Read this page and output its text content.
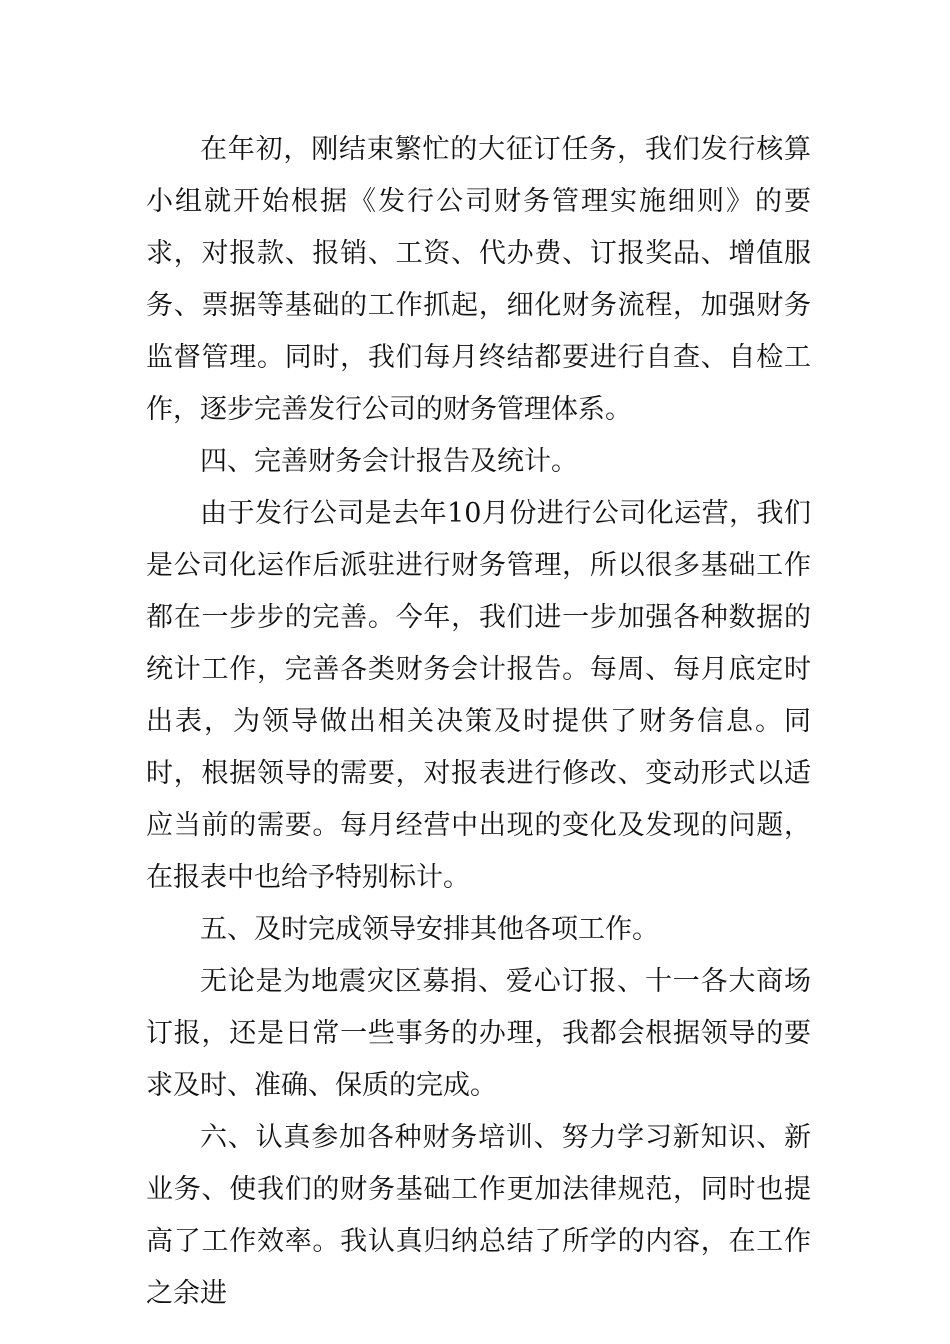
在年初，刚结束繁忙的大征订任务，我们发行核算小组就开始根据《发行公司财务管理实施细则》的要求，对报款、报销、工资、代办费、订报奖品、增值服务、票据等基础的工作抓起，细化财务流程，加强财务监督管理。同时，我们每月终结都要进行自查、自检工作，逐步完善发行公司的财务管理体系。

四、完善财务会计报告及统计。

由于发行公司是去年10月份进行公司化运营，我们是公司化运作后派驻进行财务管理，所以很多基础工作都在一步步的完善。今年，我们进一步加强各种数据的统计工作，完善各类财务会计报告。每周、每月底定时出表，为领导做出相关决策及时提供了财务信息。同时，根据领导的需要，对报表进行修改、变动形式以适应当前的需要。每月经营中出现的变化及发现的问题，在报表中也给予特别标计。

五、及时完成领导安排其他各项工作。

无论是为地震灾区募捐、爱心订报、十一各大商场订报，还是日常一些事务的办理，我都会根据领导的要求及时、准确、保质的完成。

六、认真参加各种财务培训、努力学习新知识、新业务、使我们的财务基础工作更加法律规范，同时也提高了工作效率。我认真归纳总结了所学的内容，在工作之余进
